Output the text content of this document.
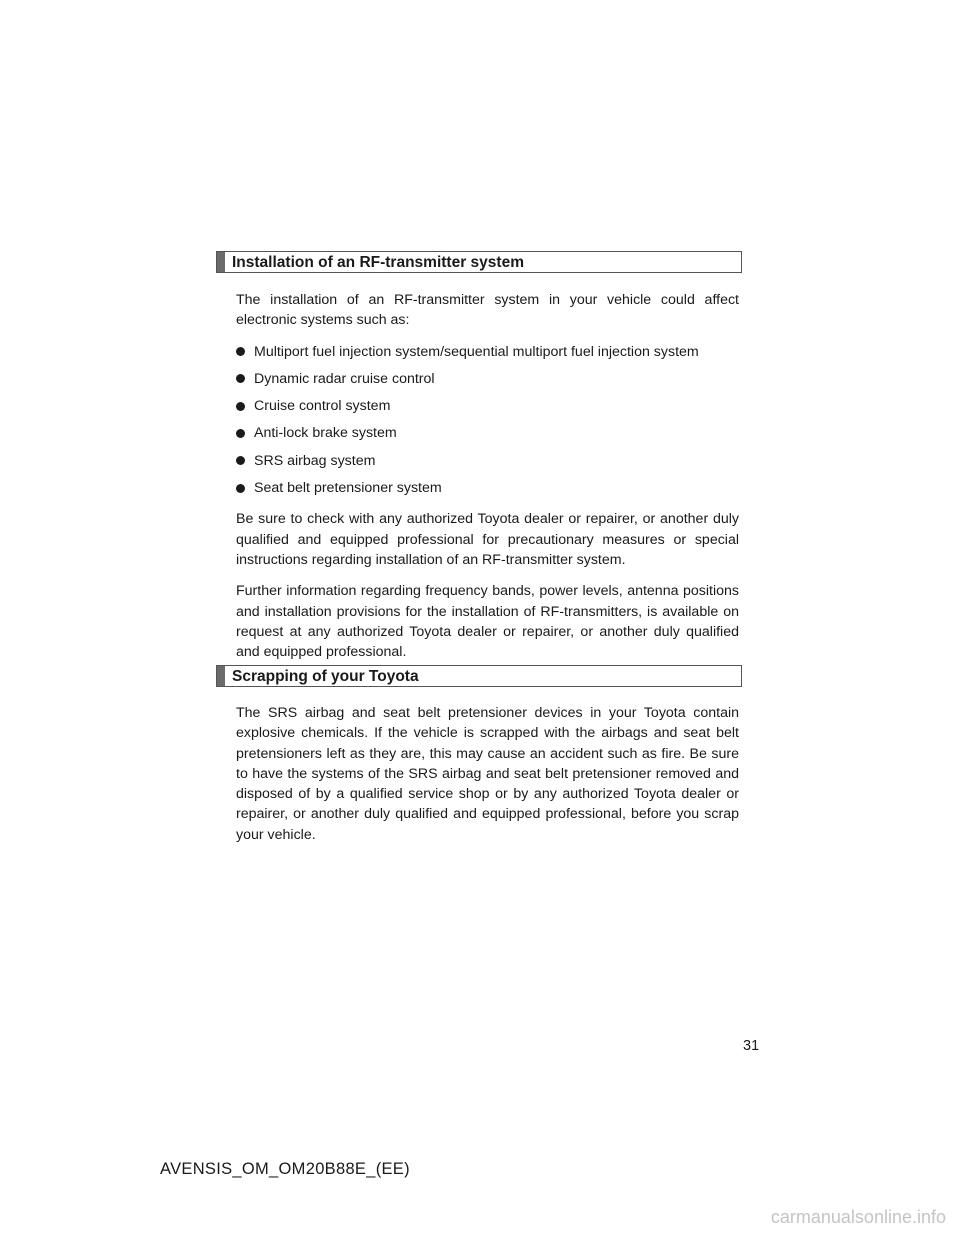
Installation of an RF-transmitter system

The installation of an RF-transmitter system in your vehicle could affect electronic systems such as:

Multiport fuel injection system/sequential multiport fuel injection system
Dynamic radar cruise control
Cruise control system
Anti-lock brake system
SRS airbag system
Seat belt pretensioner system

Be sure to check with any authorized Toyota dealer or repairer, or another duly qualified and equipped professional for precautionary measures or special instructions regarding installation of an RF-transmitter system.

Further information regarding frequency bands, power levels, antenna positions and installation provisions for the installation of RF-transmitters, is available on request at any authorized Toyota dealer or repairer, or another duly qualified and equipped professional.

Scrapping of your Toyota

The SRS airbag and seat belt pretensioner devices in your Toyota contain explosive chemicals. If the vehicle is scrapped with the airbags and seat belt pretensioners left as they are, this may cause an accident such as fire. Be sure to have the systems of the SRS airbag and seat belt pretensioner removed and disposed of by a qualified service shop or by any authorized Toyota dealer or repairer, or another duly qualified and equipped professional, before you scrap your vehicle.

31
AVENSIS_OM_OM20B88E_(EE)
carmanualsonline.info
